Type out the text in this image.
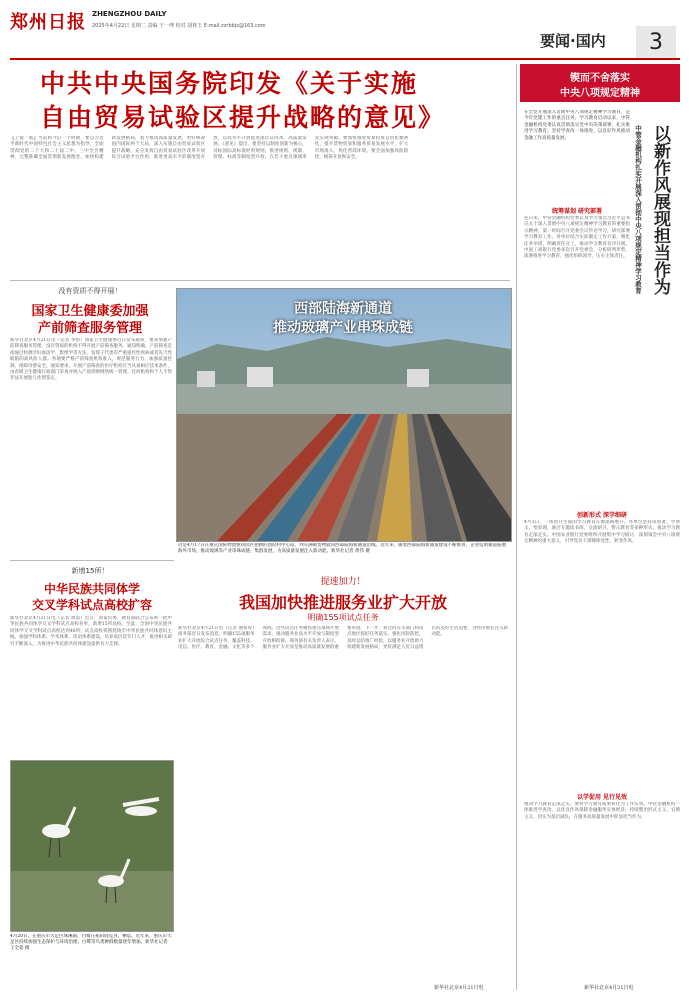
郑州日报 ZHENGZHOU DAILY
2025年4月22日 星期二 责编 王一博 校对 胡林玉 E-mail:zzrbbjs@163.com
要闻·国内	3
中共中央国务院印发《关于实施
自由贸易试验区提升战略的意见》
【上接一版】当前和今后一个时期，要以习近平新时代中国特色社会主义思想为指导，全面贯彻党的二十大和二十届二中、三中全会精神，完整准确全面贯彻新发展理念，加快构建新发展格局，着力推动高质量发展，更好统筹国内国际两个大局，深入实施自由贸易试验区提升战略，充分发挥自由贸易试验区改革开放综合试验平台作用，推进更高水平的制度型开放，以高水平开放促进深层次改革、高质量发展。《意见》提出，要坚持以制度创新为核心，对标国际高标准经贸规则，推进规则、规制、管理、标准等制度型开放，在若干重点领域率先实现突破。要加快推进贸易投资自由化便利化，提升货物贸易和服务贸易发展水平，扩大市场准入，优化营商环境。要全面加强风险防控，统筹开放和安全。
锲而不舍落实
中央八项规定精神
在全党开展深入贯彻中央八项规定精神学习教育，是今年党建工作的重点任务。学习教育启动以来，中管金融机构党委认真贯彻落实党中央决策部署，扎实推进学习教育，坚持学查改一体推进，以良好作风推动金融工作高质量发展。	以新作风展现担当作为
中管金融机构扎实开展深入贯彻中央八项规定精神学习教育
统筹谋划 研究部署
连日来，中管金融机构党委认真学习领会习近平总书记关于深入贯彻中央八项规定精神学习教育的重要指示精神，第一时间召开党委会议传达学习，研究部署学习教育工作。各单位结合实际制定工作方案，细化任务举措，明确责任分工，推动学习教育有序开展。中国工商银行党委多次召开党委会，分析研判形势，部署推进学习教育，强化组织领导，压实主体责任。
创新形式 深学细研
4月3日，一场别开生面的学习教育在源深路展开。各单位坚持读原著、学原文、悟原理，通过专题读书班、交流研讨、警示教育等多种形式，推动学习教育走深走实。中国农业银行党委组织开展集中学习研讨，深刻领会中央八项规定精神的重大意义，引导党员干部锤炼党性、转变作风。
以学促用 见行见效
推动学习教育走深走实，要将学习教育成果转化为工作实效。中管金融机构一体推进学查改，以优良作风保障金融服务实体经济，持续整治形式主义、官僚主义，切实为基层减负，在服务高质量发展中彰显担当作为。
新华社北京4月21日电
没有资质不得开展！
国家卫生健康委加强
产前筛查服务管理
新华社北京4月21日电（记者 李恒）国家卫生健康委近日发布通知，要求加强产前筛查服务管理，没有资质的机构不得开展产前筛查服务。通知明确，产前筛查是指通过检测孕妇血清学、影像学等方法，发现子代患有严重遗传性疾病或者先天性缺陷的高风险人群。各地要严格产前筛查机构准入，规范服务行为，加强质量控制，保障母婴安全。通知要求，开展产前筛查的医疗机构应当具备相应技术条件，由省级卫生健康行政部门审查并纳入产前诊断网络统一管理。任何机构和个人不得非法开展胎儿性别鉴定。
西部陆海新通道
推动玻璃产业串珠成链
这是4月17日在重庆国际物流枢纽园区拍摄的团结村中心站，列车满载货物驶向西部陆海新通道沿线。近年来，随着西部陆海新通道建设不断推进，企业借助通道拓展海外市场，推动玻璃等产业串珠成链、集群发展，为高质量发展注入新动能。新华社记者 黄伟 摄
新增15所！
中华民族共同体学
交叉学科试点高校扩容
新华社北京4月21日电（记者 胡喆）近日，国家民委、教育部联合公布新一批中华民族共同体学交叉学科试点高校名单，新增15所高校。至此，全国中华民族共同体学交叉学科试点高校达到40所。试点高校将围绕铸牢中华民族共同体意识主线，加强学科体系、学术体系、话语体系建设，培养高层次专门人才，推进相关研究不断深入，为推进中华民族共同体建设提供有力支撑。
4月20日，在重庆市大足区珠溪镇，白鹭在稻田间觅食、栖息。近年来，重庆市大足区持续加强生态保护与环境治理，白鹭等鸟类种群数量逐年增加。新华社记者 王全超 摄
提速加力！
我国加快推进服务业扩大开放
明确155项试点任务
新华社北京4月21日电（记者 谢希瑶）商务部近日发布消息，明确155项服务业扩大开放综合试点任务，覆盖科技、电信、医疗、教育、金融、文化等多个领域。这些试点任务聚焦重点领域开放需求，推动服务业高水平开放与制度型开放相衔接。商务部有关负责人表示，服务业扩大开放是推动高质量发展的重要举措。下一步，将会同有关部门和试点地区抓好任务落实，强化风险防控，及时总结推广经验，以服务业开放助力构建新发展格局，更好满足人民日益增长的美好生活需要，为经济增长注入新动能。
新华社北京4月21日电
